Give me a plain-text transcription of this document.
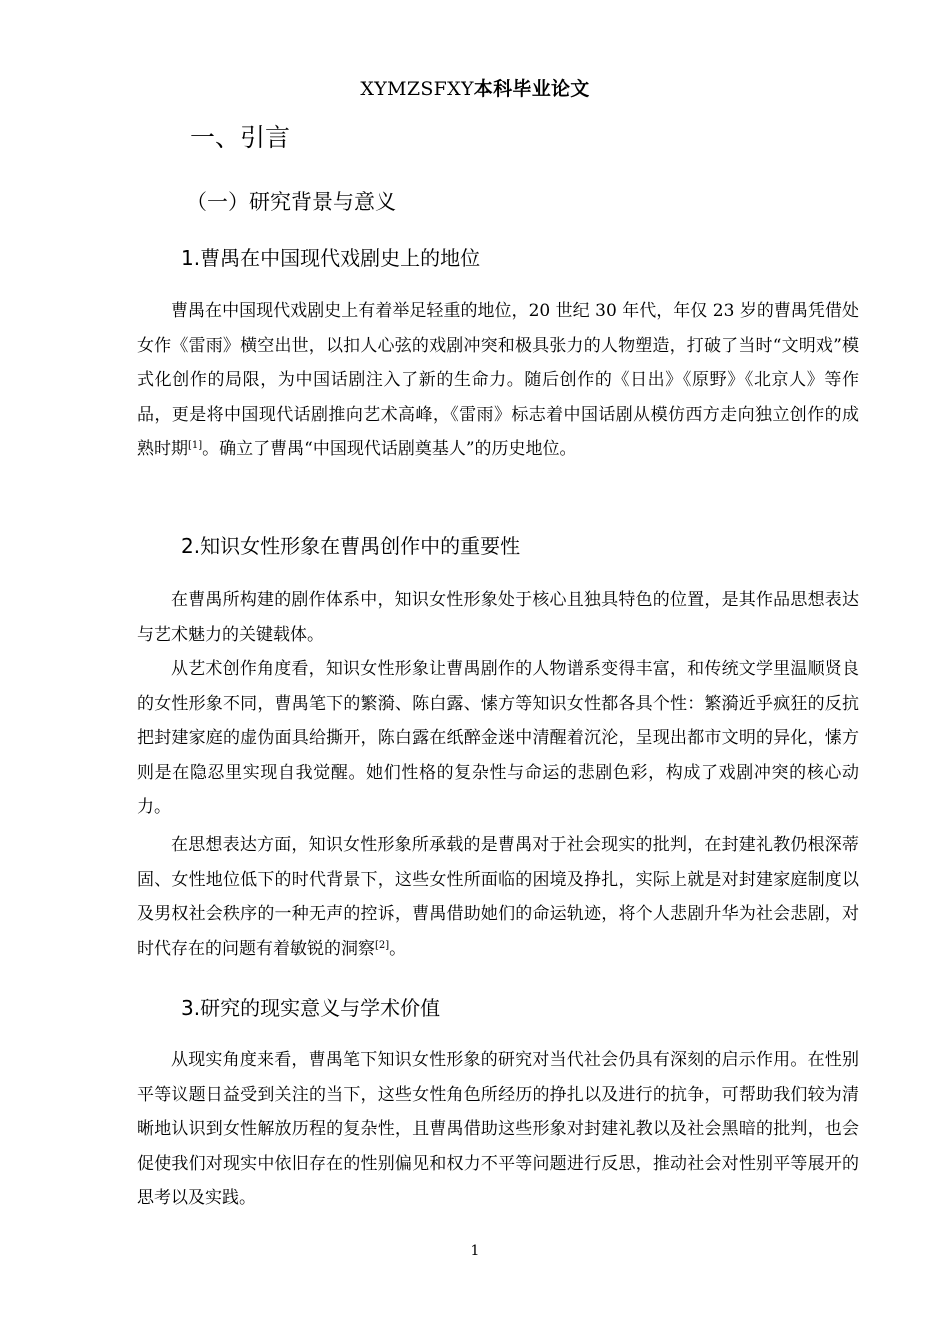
XYMZSFXY本科毕业论文
一、引言
（一）研究背景与意义
1.曹禺在中国现代戏剧史上的地位

曹禺在中国现代戏剧史上有着举足轻重的地位，20 世纪 30 年代，年仅 23 岁的曹禺凭借处女作《雷雨》横空出世，以扣人心弦的戏剧冲突和极具张力的人物塑造，打破了当时“文明戏”模式化创作的局限，为中国话剧注入了新的生命力。随后创作的《日出》《原野》《北京人》等作品，更是将中国现代话剧推向艺术高峰，《雷雨》标志着中国话剧从模仿西方走向独立创作的成熟时期[1]。确立了曹禺“中国现代话剧奠基人”的历史地位。

2.知识女性形象在曹禺创作中的重要性

在曹禺所构建的剧作体系中，知识女性形象处于核心且独具特色的位置，是其作品思想表达与艺术魅力的关键载体。

从艺术创作角度看，知识女性形象让曹禺剧作的人物谱系变得丰富，和传统文学里温顺贤良的女性形象不同，曹禺笔下的繁漪、陈白露、愫方等知识女性都各具个性：繁漪近乎疯狂的反抗把封建家庭的虚伪面具给撕开，陈白露在纸醉金迷中清醒着沉沦，呈现出都市文明的异化，愫方则是在隐忍里实现自我觉醒。她们性格的复杂性与命运的悲剧色彩，构成了戏剧冲突的核心动力。

在思想表达方面，知识女性形象所承载的是曹禺对于社会现实的批判，在封建礼教仍根深蒂固、女性地位低下的时代背景下，这些女性所面临的困境及挣扎，实际上就是对封建家庭制度以及男权社会秩序的一种无声的控诉，曹禺借助她们的命运轨迹，将个人悲剧升华为社会悲剧，对时代存在的问题有着敏锐的洞察[2]。

3.研究的现实意义与学术价值

从现实角度来看，曹禺笔下知识女性形象的研究对当代社会仍具有深刻的启示作用。在性别平等议题日益受到关注的当下，这些女性角色所经历的挣扎以及进行的抗争，可帮助我们较为清晰地认识到女性解放历程的复杂性，且曹禺借助这些形象对封建礼教以及社会黑暗的批判，也会促使我们对现实中依旧存在的性别偏见和权力不平等问题进行反思，推动社会对性别平等展开的思考以及实践。

1
